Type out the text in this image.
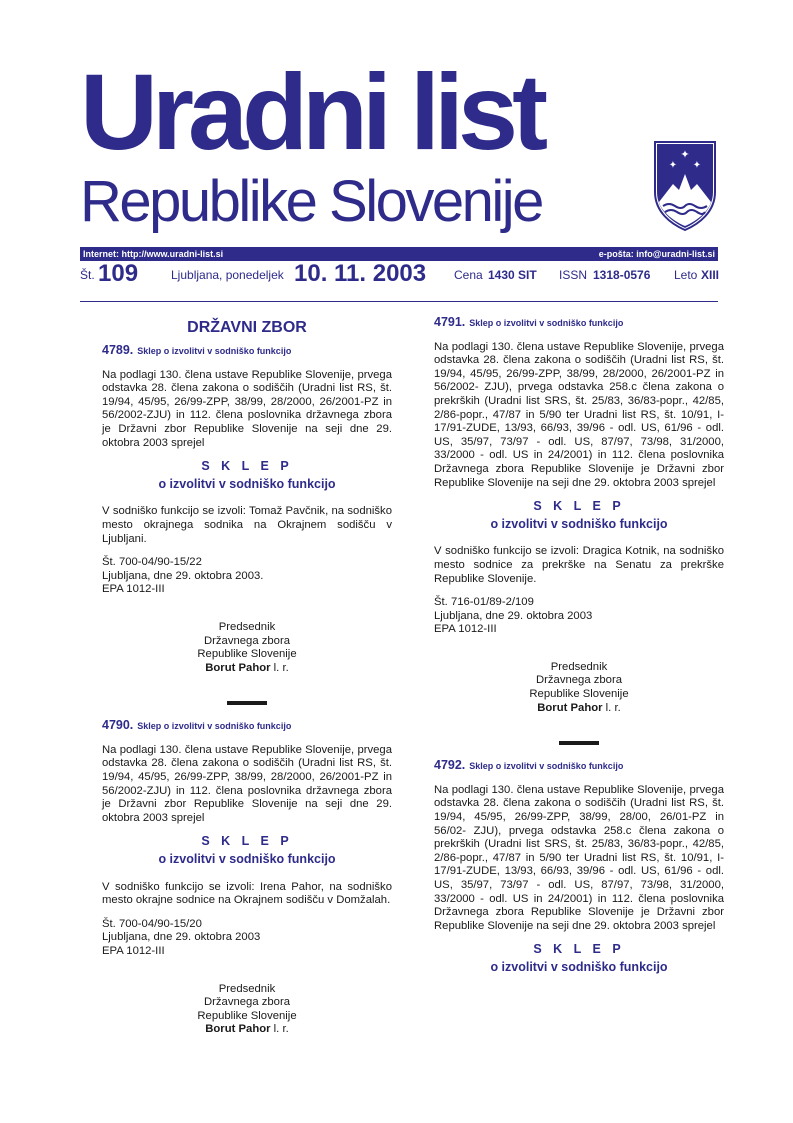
Uradni list
Republike Slovenije
✦
✦ ✦
Internet: http://www.uradni-list.si	e-pošta: info@uradni-list.si
Št. 109	Ljubljana, ponedeljek 10. 11. 2003 Cena 1430 SIT ISSN 1318-0576 Leto XIII
DRŽAVNI ZBOR
4789. Sklep o izvolitvi v sodniško funkcijo

Na podlagi 130. člena ustave Republike Slovenije, prvega odstavka 28. člena zakona o sodiščih (Uradni list RS, št. 19/94, 45/95, 26/99-ZPP, 38/99, 28/2000, 26/2001-PZ in 56/2002-ZJU) in 112. člena poslovnika državnega zbora je Državni zbor Republike Slovenije na seji dne 29. oktobra 2003 sprejel

S K L E P
o izvolitvi v sodniško funkcijo

V sodniško funkcijo se izvoli: Tomaž Pavčnik, na sodniško mesto okrajnega sodnika na Okrajnem sodišču v Ljubljani.

Št. 700-04/90-15/22
Ljubljana, dne 29. oktobra 2003.
EPA 1012-III
Predsednik
Državnega zbora
Republike Slovenije
Borut Pahor l. r.
4790. Sklep o izvolitvi v sodniško funkcijo

Na podlagi 130. člena ustave Republike Slovenije, prvega odstavka 28. člena zakona o sodiščih (Uradni list RS, št. 19/94, 45/95, 26/99-ZPP, 38/99, 28/2000, 26/2001-PZ in 56/2002-ZJU) in 112. člena poslovnika državnega zbora je Državni zbor Republike Slovenije na seji dne 29. oktobra 2003 sprejel

S K L E P
o izvolitvi v sodniško funkcijo

V sodniško funkcijo se izvoli: Irena Pahor, na sodniško mesto okrajne sodnice na Okrajnem sodišču v Domžalah.

Št. 700-04/90-15/20
Ljubljana, dne 29. oktobra 2003
EPA 1012-III
Predsednik
Državnega zbora
Republike Slovenije
Borut Pahor l. r.
4791. Sklep o izvolitvi v sodniško funkcijo

Na podlagi 130. člena ustave Republike Slovenije, prvega odstavka 28. člena zakona o sodiščih (Uradni list RS, št. 19/94, 45/95, 26/99-ZPP, 38/99, 28/2000, 26/2001-PZ in 56/2002- ZJU), prvega odstavka 258.c člena zakona o prekrških (Uradni list SRS, št. 25/83, 36/83-popr., 42/85, 2/86-popr., 47/87 in 5/90 ter Uradni list RS, št. 10/91, I-17/91-ZUDE, 13/93, 66/93, 39/96 - odl. US, 61/96 - odl. US, 35/97, 73/97 - odl. US, 87/97, 73/98, 31/2000, 33/2000 - odl. US in 24/2001) in 112. člena poslovnika Državnega zbora Republike Slovenije je Državni zbor Republike Slovenije na seji dne 29. oktobra 2003 sprejel

S K L E P
o izvolitvi v sodniško funkcijo

V sodniško funkcijo se izvoli: Dragica Kotnik, na sodniško mesto sodnice za prekrške na Senatu za prekrške Republike Slovenije.

Št. 716-01/89-2/109
Ljubljana, dne 29. oktobra 2003
EPA 1012-III
Predsednik
Državnega zbora
Republike Slovenije
Borut Pahor l. r.
4792. Sklep o izvolitvi v sodniško funkcijo

Na podlagi 130. člena ustave Republike Slovenije, prvega odstavka 28. člena zakona o sodiščih (Uradni list RS, št. 19/94, 45/95, 26/99-ZPP, 38/99, 28/00, 26/01-PZ in 56/02- ZJU), prvega odstavka 258.c člena zakona o prekrških (Uradni list SRS, št. 25/83, 36/83-popr., 42/85, 2/86-popr., 47/87 in 5/90 ter Uradni list RS, št. 10/91, I-17/91-ZUDE, 13/93, 66/93, 39/96 - odl. US, 61/96 - odl. US, 35/97, 73/97 - odl. US, 87/97, 73/98, 31/2000, 33/2000 - odl. US in 24/2001) in 112. člena poslovnika Državnega zbora Republike Slovenije je Državni zbor Republike Slovenije na seji dne 29. oktobra 2003 sprejel

S K L E P
o izvolitvi v sodniško funkcijo
